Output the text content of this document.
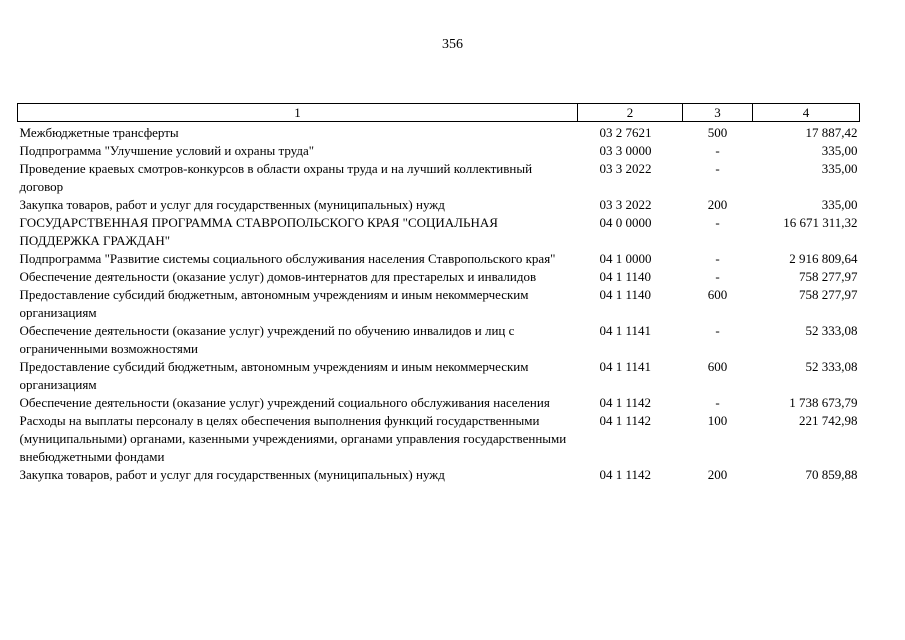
356
1	2	3	4
Межбюджетные трансферты	03 2 7621	500	17 887,42
Подпрограмма "Улучшение условий и охраны труда"	03 3 0000	-	335,00
Проведение краевых смотров-конкурсов в области охраны труда и на лучший коллективный договор	03 3 2022	-	335,00
Закупка товаров, работ и услуг для государственных (муниципальных) нужд	03 3 2022	200	335,00
ГОСУДАРСТВЕННАЯ ПРОГРАММА СТАВРОПОЛЬСКОГО КРАЯ "СОЦИАЛЬНАЯ ПОДДЕРЖКА ГРАЖДАН"	04 0 0000	-	16 671 311,32
Подпрограмма "Развитие системы социального обслуживания населения Ставропольского края"	04 1 0000	-	2 916 809,64
Обеспечение деятельности (оказание услуг) домов-интернатов для престарелых и инвалидов	04 1 1140	-	758 277,97
Предоставление субсидий бюджетным, автономным учреждениям и иным некоммерческим организациям	04 1 1140	600	758 277,97
Обеспечение деятельности (оказание услуг) учреждений по обучению инвалидов и лиц с ограниченными возможностями	04 1 1141	-	52 333,08
Предоставление субсидий бюджетным, автономным учреждениям и иным некоммерческим организациям	04 1 1141	600	52 333,08
Обеспечение деятельности (оказание услуг) учреждений социального обслуживания населения	04 1 1142	-	1 738 673,79
Расходы на выплаты персоналу в целях обеспечения выполнения функций государственными (муниципальными) органами, казенными учреждениями, органами управления государственными внебюджетными фондами	04 1 1142	100	221 742,98
Закупка товаров, работ и услуг для государственных (муниципальных) нужд	04 1 1142	200	70 859,88
